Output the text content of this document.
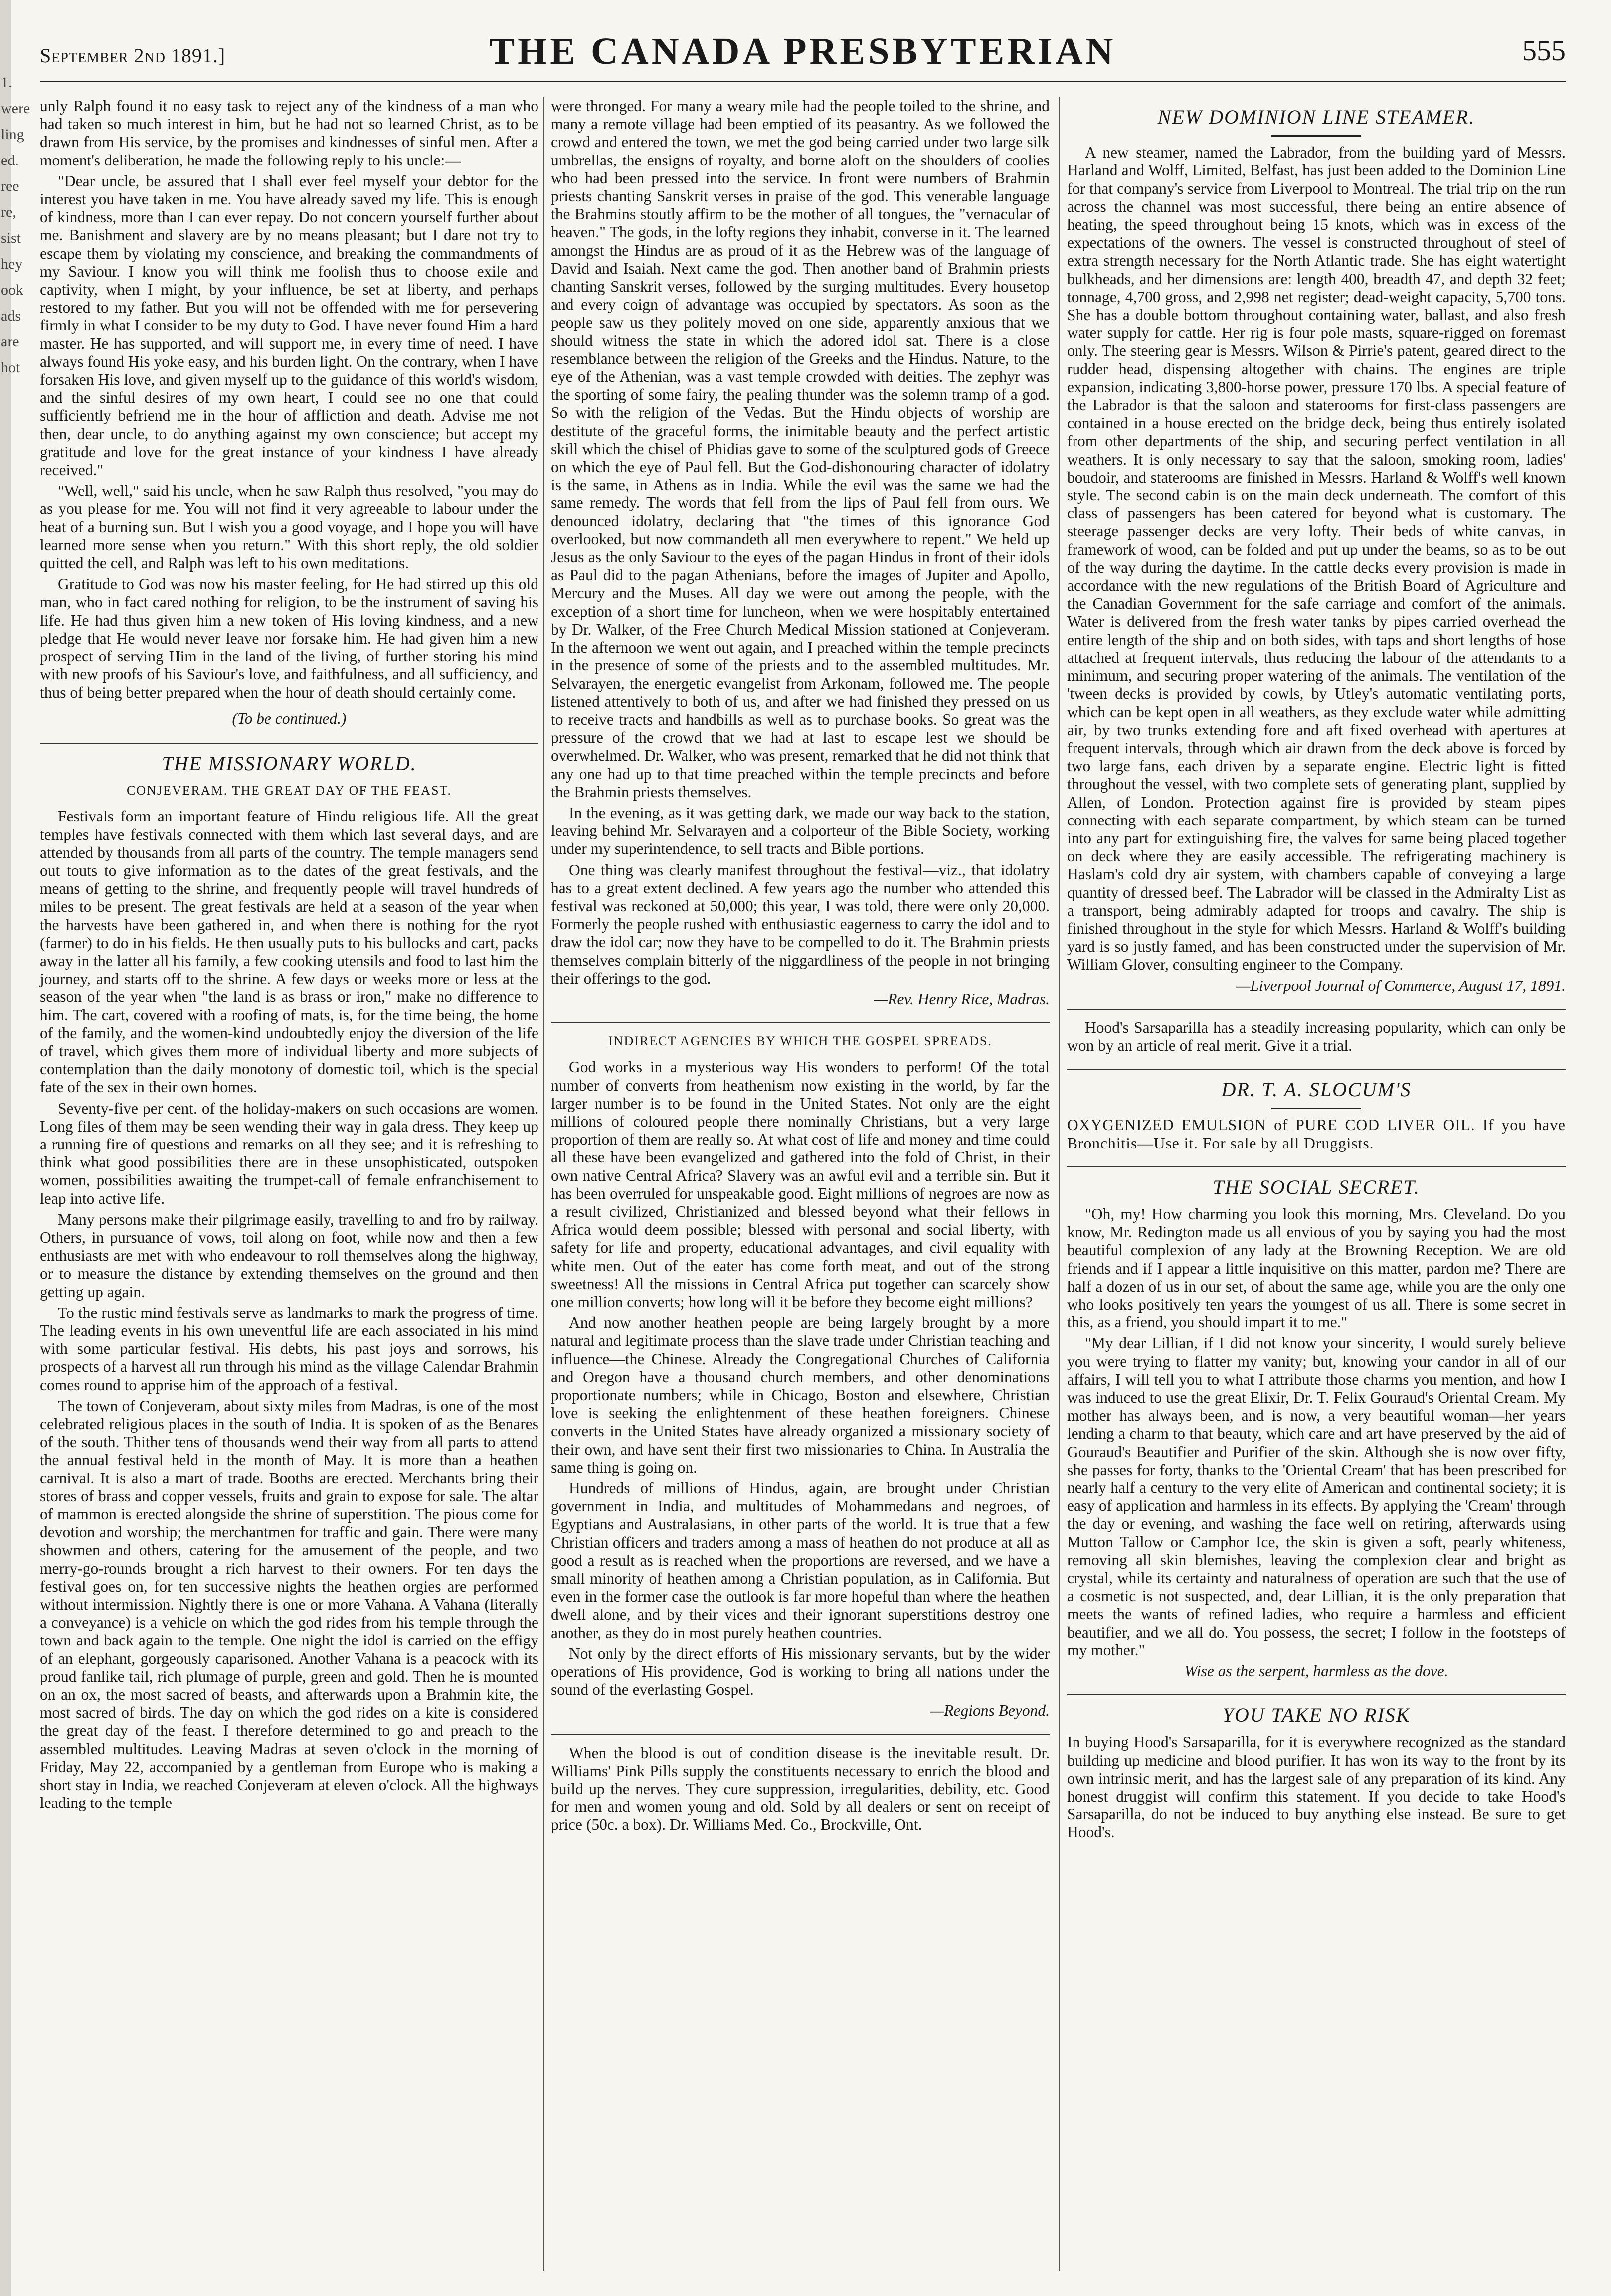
1.
were
ling
ed.
ree
re,
sist
hey
ook
ads
are
hot
September 2nd 1891.]	THE CANADA PRESBYTERIAN	555

unly Ralph found it no easy task to reject any of the kindness of a man who had taken so much interest in him, but he had not so learned Christ, as to be drawn from His service, by the promises and kindnesses of sinful men. After a moment's deliberation, he made the following reply to his uncle:—

"Dear uncle, be assured that I shall ever feel myself your debtor for the interest you have taken in me. You have already saved my life. This is enough of kindness, more than I can ever repay. Do not concern yourself further about me. Banishment and slavery are by no means pleasant; but I dare not try to escape them by violating my conscience, and breaking the commandments of my Saviour. I know you will think me foolish thus to choose exile and captivity, when I might, by your influence, be set at liberty, and perhaps restored to my father. But you will not be offended with me for persevering firmly in what I consider to be my duty to God. I have never found Him a hard master. He has supported, and will support me, in every time of need. I have always found His yoke easy, and his burden light. On the contrary, when I have forsaken His love, and given myself up to the guidance of this world's wisdom, and the sinful desires of my own heart, I could see no one that could sufficiently befriend me in the hour of affliction and death. Advise me not then, dear uncle, to do anything against my own conscience; but accept my gratitude and love for the great instance of your kindness I have already received."

"Well, well," said his uncle, when he saw Ralph thus resolved, "you may do as you please for me. You will not find it very agreeable to labour under the heat of a burning sun. But I wish you a good voyage, and I hope you will have learned more sense when you return." With this short reply, the old soldier quitted the cell, and Ralph was left to his own meditations.

Gratitude to God was now his master feeling, for He had stirred up this old man, who in fact cared nothing for religion, to be the instrument of saving his life. He had thus given him a new token of His loving kindness, and a new pledge that He would never leave nor forsake him. He had given him a new prospect of serving Him in the land of the living, of further storing his mind with new proofs of his Saviour's love, and faithfulness, and all sufficiency, and thus of being better prepared when the hour of death should certainly come.

(To be continued.)
THE MISSIONARY WORLD.
CONJEVERAM. THE GREAT DAY OF THE FEAST.

Festivals form an important feature of Hindu religious life. All the great temples have festivals connected with them which last several days, and are attended by thousands from all parts of the country. The temple managers send out touts to give information as to the dates of the great festivals, and the means of getting to the shrine, and frequently people will travel hundreds of miles to be present. The great festivals are held at a season of the year when the harvests have been gathered in, and when there is nothing for the ryot (farmer) to do in his fields. He then usually puts to his bullocks and cart, packs away in the latter all his family, a few cooking utensils and food to last him the journey, and starts off to the shrine. A few days or weeks more or less at the season of the year when "the land is as brass or iron," make no difference to him. The cart, covered with a roofing of mats, is, for the time being, the home of the family, and the women-kind undoubtedly enjoy the diversion of the life of travel, which gives them more of individual liberty and more subjects of contemplation than the daily monotony of domestic toil, which is the special fate of the sex in their own homes.

Seventy-five per cent. of the holiday-makers on such occasions are women. Long files of them may be seen wending their way in gala dress. They keep up a running fire of questions and remarks on all they see; and it is refreshing to think what good possibilities there are in these unsophisticated, outspoken women, possibilities awaiting the trumpet-call of female enfranchisement to leap into active life.

Many persons make their pilgrimage easily, travelling to and fro by railway. Others, in pursuance of vows, toil along on foot, while now and then a few enthusiasts are met with who endeavour to roll themselves along the highway, or to measure the distance by extending themselves on the ground and then getting up again.

To the rustic mind festivals serve as landmarks to mark the progress of time. The leading events in his own uneventful life are each associated in his mind with some particular festival. His debts, his past joys and sorrows, his prospects of a harvest all run through his mind as the village Calendar Brahmin comes round to apprise him of the approach of a festival.

The town of Conjeveram, about sixty miles from Madras, is one of the most celebrated religious places in the south of India. It is spoken of as the Benares of the south. Thither tens of thousands wend their way from all parts to attend the annual festival held in the month of May. It is more than a heathen carnival. It is also a mart of trade. Booths are erected. Merchants bring their stores of brass and copper vessels, fruits and grain to expose for sale. The altar of mammon is erected alongside the shrine of superstition. The pious come for devotion and worship; the merchantmen for traffic and gain. There were many showmen and others, catering for the amusement of the people, and two merry-go-rounds brought a rich harvest to their owners. For ten days the festival goes on, for ten successive nights the heathen orgies are performed without intermission. Nightly there is one or more Vahana. A Vahana (literally a conveyance) is a vehicle on which the god rides from his temple through the town and back again to the temple. One night the idol is carried on the effigy of an elephant, gorgeously caparisoned. Another Vahana is a peacock with its proud fanlike tail, rich plumage of purple, green and gold. Then he is mounted on an ox, the most sacred of beasts, and afterwards upon a Brahmin kite, the most sacred of birds. The day on which the god rides on a kite is considered the great day of the feast. I therefore determined to go and preach to the assembled multitudes. Leaving Madras at seven o'clock in the morning of Friday, May 22, accompanied by a gentleman from Europe who is making a short stay in India, we reached Conjeveram at eleven o'clock. All the highways leading to the temple

were thronged. For many a weary mile had the people toiled to the shrine, and many a remote village had been emptied of its peasantry. As we followed the crowd and entered the town, we met the god being carried under two large silk umbrellas, the ensigns of royalty, and borne aloft on the shoulders of coolies who had been pressed into the service. In front were numbers of Brahmin priests chanting Sanskrit verses in praise of the god. This venerable language the Brahmins stoutly affirm to be the mother of all tongues, the "vernacular of heaven." The gods, in the lofty regions they inhabit, converse in it. The learned amongst the Hindus are as proud of it as the Hebrew was of the language of David and Isaiah. Next came the god. Then another band of Brahmin priests chanting Sanskrit verses, followed by the surging multitudes. Every housetop and every coign of advantage was occupied by spectators. As soon as the people saw us they politely moved on one side, apparently anxious that we should witness the state in which the adored idol sat. There is a close resemblance between the religion of the Greeks and the Hindus. Nature, to the eye of the Athenian, was a vast temple crowded with deities. The zephyr was the sporting of some fairy, the pealing thunder was the solemn tramp of a god. So with the religion of the Vedas. But the Hindu objects of worship are destitute of the graceful forms, the inimitable beauty and the perfect artistic skill which the chisel of Phidias gave to some of the sculptured gods of Greece on which the eye of Paul fell. But the God-dishonouring character of idolatry is the same, in Athens as in India. While the evil was the same we had the same remedy. The words that fell from the lips of Paul fell from ours. We denounced idolatry, declaring that "the times of this ignorance God overlooked, but now commandeth all men everywhere to repent." We held up Jesus as the only Saviour to the eyes of the pagan Hindus in front of their idols as Paul did to the pagan Athenians, before the images of Jupiter and Apollo, Mercury and the Muses. All day we were out among the people, with the exception of a short time for luncheon, when we were hospitably entertained by Dr. Walker, of the Free Church Medical Mission stationed at Conjeveram. In the afternoon we went out again, and I preached within the temple precincts in the presence of some of the priests and to the assembled multitudes. Mr. Selvarayen, the energetic evangelist from Arkonam, followed me. The people listened attentively to both of us, and after we had finished they pressed on us to receive tracts and handbills as well as to purchase books. So great was the pressure of the crowd that we had at last to escape lest we should be overwhelmed. Dr. Walker, who was present, remarked that he did not think that any one had up to that time preached within the temple precincts and before the Brahmin priests themselves.

In the evening, as it was getting dark, we made our way back to the station, leaving behind Mr. Selvarayen and a colporteur of the Bible Society, working under my superintendence, to sell tracts and Bible portions.

One thing was clearly manifest throughout the festival—viz., that idolatry has to a great extent declined. A few years ago the number who attended this festival was reckoned at 50,000; this year, I was told, there were only 20,000. Formerly the people rushed with enthusiastic eagerness to carry the idol and to draw the idol car; now they have to be compelled to do it. The Brahmin priests themselves complain bitterly of the niggardliness of the people in not bringing their offerings to the god.

—Rev. Henry Rice, Madras.
INDIRECT AGENCIES BY WHICH THE GOSPEL SPREADS.

God works in a mysterious way His wonders to perform! Of the total number of converts from heathenism now existing in the world, by far the larger number is to be found in the United States. Not only are the eight millions of coloured people there nominally Christians, but a very large proportion of them are really so. At what cost of life and money and time could all these have been evangelized and gathered into the fold of Christ, in their own native Central Africa? Slavery was an awful evil and a terrible sin. But it has been overruled for unspeakable good. Eight millions of negroes are now as a result civilized, Christianized and blessed beyond what their fellows in Africa would deem possible; blessed with personal and social liberty, with safety for life and property, educational advantages, and civil equality with white men. Out of the eater has come forth meat, and out of the strong sweetness! All the missions in Central Africa put together can scarcely show one million converts; how long will it be before they become eight millions?

And now another heathen people are being largely brought by a more natural and legitimate process than the slave trade under Christian teaching and influence—the Chinese. Already the Congregational Churches of California and Oregon have a thousand church members, and other denominations proportionate numbers; while in Chicago, Boston and elsewhere, Christian love is seeking the enlightenment of these heathen foreigners. Chinese converts in the United States have already organized a missionary society of their own, and have sent their first two missionaries to China. In Australia the same thing is going on.

Hundreds of millions of Hindus, again, are brought under Christian government in India, and multitudes of Mohammedans and negroes, of Egyptians and Australasians, in other parts of the world. It is true that a few Christian officers and traders among a mass of heathen do not produce at all as good a result as is reached when the proportions are reversed, and we have a small minority of heathen among a Christian population, as in California. But even in the former case the outlook is far more hopeful than where the heathen dwell alone, and by their vices and their ignorant superstitions destroy one another, as they do in most purely heathen countries.

Not only by the direct efforts of His missionary servants, but by the wider operations of His providence, God is working to bring all nations under the sound of the everlasting Gospel.

—Regions Beyond.

When the blood is out of condition disease is the inevitable result. Dr. Williams' Pink Pills supply the constituents necessary to enrich the blood and build up the nerves. They cure suppression, irregularities, debility, etc. Good for men and women young and old. Sold by all dealers or sent on receipt of price (50c. a box). Dr. Williams Med. Co., Brockville, Ont.

NEW DOMINION LINE STEAMER.

A new steamer, named the Labrador, from the building yard of Messrs. Harland and Wolff, Limited, Belfast, has just been added to the Dominion Line for that company's service from Liverpool to Montreal. The trial trip on the run across the channel was most successful, there being an entire absence of heating, the speed throughout being 15 knots, which was in excess of the expectations of the owners. The vessel is constructed throughout of steel of extra strength necessary for the North Atlantic trade. She has eight watertight bulkheads, and her dimensions are: length 400, breadth 47, and depth 32 feet; tonnage, 4,700 gross, and 2,998 net register; dead-weight capacity, 5,700 tons. She has a double bottom throughout containing water, ballast, and also fresh water supply for cattle. Her rig is four pole masts, square-rigged on foremast only. The steering gear is Messrs. Wilson & Pirrie's patent, geared direct to the rudder head, dispensing altogether with chains. The engines are triple expansion, indicating 3,800-horse power, pressure 170 lbs. A special feature of the Labrador is that the saloon and staterooms for first-class passengers are contained in a house erected on the bridge deck, being thus entirely isolated from other departments of the ship, and securing perfect ventilation in all weathers. It is only necessary to say that the saloon, smoking room, ladies' boudoir, and staterooms are finished in Messrs. Harland & Wolff's well known style. The second cabin is on the main deck underneath. The comfort of this class of passengers has been catered for beyond what is customary. The steerage passenger decks are very lofty. Their beds of white canvas, in framework of wood, can be folded and put up under the beams, so as to be out of the way during the daytime. In the cattle decks every provision is made in accordance with the new regulations of the British Board of Agriculture and the Canadian Government for the safe carriage and comfort of the animals. Water is delivered from the fresh water tanks by pipes carried overhead the entire length of the ship and on both sides, with taps and short lengths of hose attached at frequent intervals, thus reducing the labour of the attendants to a minimum, and securing proper watering of the animals. The ventilation of the 'tween decks is provided by cowls, by Utley's automatic ventilating ports, which can be kept open in all weathers, as they exclude water while admitting air, by two trunks extending fore and aft fixed overhead with apertures at frequent intervals, through which air drawn from the deck above is forced by two large fans, each driven by a separate engine. Electric light is fitted throughout the vessel, with two complete sets of generating plant, supplied by Allen, of London. Protection against fire is provided by steam pipes connecting with each separate compartment, by which steam can be turned into any part for extinguishing fire, the valves for same being placed together on deck where they are easily accessible. The refrigerating machinery is Haslam's cold dry air system, with chambers capable of conveying a large quantity of dressed beef. The Labrador will be classed in the Admiralty List as a transport, being admirably adapted for troops and cavalry. The ship is finished throughout in the style for which Messrs. Harland & Wolff's building yard is so justly famed, and has been constructed under the supervision of Mr. William Glover, consulting engineer to the Company.

—Liverpool Journal of Commerce, August 17, 1891.

Hood's Sarsaparilla has a steadily increasing popularity, which can only be won by an article of real merit. Give it a trial.

DR. T. A. SLOCUM'S

OXYGENIZED EMULSION of PURE COD LIVER OIL. If you have Bronchitis—Use it. For sale by all Druggists.

THE SOCIAL SECRET.

"Oh, my! How charming you look this morning, Mrs. Cleveland. Do you know, Mr. Redington made us all envious of you by saying you had the most beautiful complexion of any lady at the Browning Reception. We are old friends and if I appear a little inquisitive on this matter, pardon me? There are half a dozen of us in our set, of about the same age, while you are the only one who looks positively ten years the youngest of us all. There is some secret in this, as a friend, you should impart it to me."

"My dear Lillian, if I did not know your sincerity, I would surely believe you were trying to flatter my vanity; but, knowing your candor in all of our affairs, I will tell you to what I attribute those charms you mention, and how I was induced to use the great Elixir, Dr. T. Felix Gouraud's Oriental Cream. My mother has always been, and is now, a very beautiful woman—her years lending a charm to that beauty, which care and art have preserved by the aid of Gouraud's Beautifier and Purifier of the skin. Although she is now over fifty, she passes for forty, thanks to the 'Oriental Cream' that has been prescribed for nearly half a century to the very elite of American and continental society; it is easy of application and harmless in its effects. By applying the 'Cream' through the day or evening, and washing the face well on retiring, afterwards using Mutton Tallow or Camphor Ice, the skin is given a soft, pearly whiteness, removing all skin blemishes, leaving the complexion clear and bright as crystal, while its certainty and naturalness of operation are such that the use of a cosmetic is not suspected, and, dear Lillian, it is the only preparation that meets the wants of refined ladies, who require a harmless and efficient beautifier, and we all do. You possess, the secret; I follow in the footsteps of my mother."

Wise as the serpent, harmless as the dove.
YOU TAKE NO RISK

In buying Hood's Sarsaparilla, for it is everywhere recognized as the standard building up medicine and blood purifier. It has won its way to the front by its own intrinsic merit, and has the largest sale of any preparation of its kind. Any honest druggist will confirm this statement. If you decide to take Hood's Sarsaparilla, do not be induced to buy anything else instead. Be sure to get Hood's.
